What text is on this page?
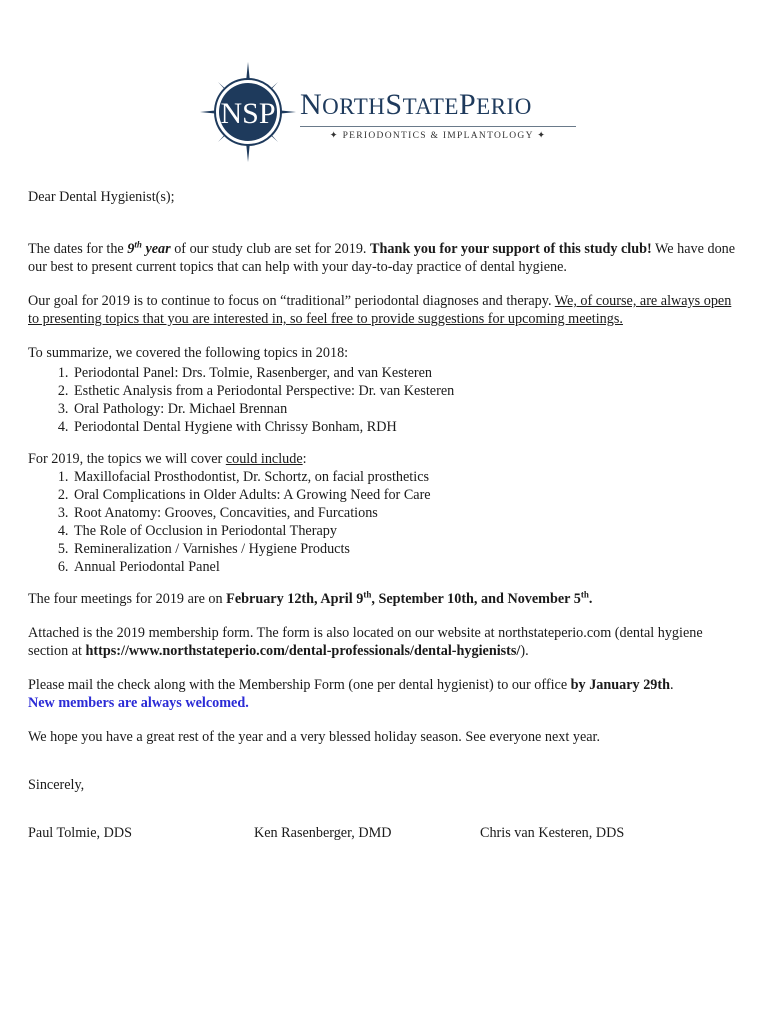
NSP NORTHSTATEPERIO
✦ PERIODONTICS & IMPLANTOLOGY ✦

Dear Dental Hygienist(s);

The dates for the 9th year of our study club are set for 2019. Thank you for your support of this study club! We have done our best to present current topics that can help with your day-to-day practice of dental hygiene.

Our goal for 2019 is to continue to focus on “traditional” periodontal diagnoses and therapy. We, of course, are always open to presenting topics that you are interested in, so feel free to provide suggestions for upcoming meetings.

To summarize, we covered the following topics in 2018:

1. Periodontal Panel: Drs. Tolmie, Rasenberger, and van Kesteren
2. Esthetic Analysis from a Periodontal Perspective: Dr. van Kesteren
3. Oral Pathology: Dr. Michael Brennan
4. Periodontal Dental Hygiene with Chrissy Bonham, RDH

For 2019, the topics we will cover could include:

1. Maxillofacial Prosthodontist, Dr. Schortz, on facial prosthetics
2. Oral Complications in Older Adults: A Growing Need for Care
3. Root Anatomy: Grooves, Concavities, and Furcations
4. The Role of Occlusion in Periodontal Therapy
5. Remineralization / Varnishes / Hygiene Products
6. Annual Periodontal Panel

The four meetings for 2019 are on February 12th, April 9th, September 10th, and November 5th.

Attached is the 2019 membership form. The form is also located on our website at northstateperio.com (dental hygiene section at https://www.northstateperio.com/dental-professionals/dental-hygienists/).

Please mail the check along with the Membership Form (one per dental hygienist) to our office by January 29th.
New members are always welcomed.

We hope you have a great rest of the year and a very blessed holiday season. See everyone next year.

Sincerely,

Paul Tolmie, DDS	Ken Rasenberger, DMD	Chris van Kesteren, DDS
